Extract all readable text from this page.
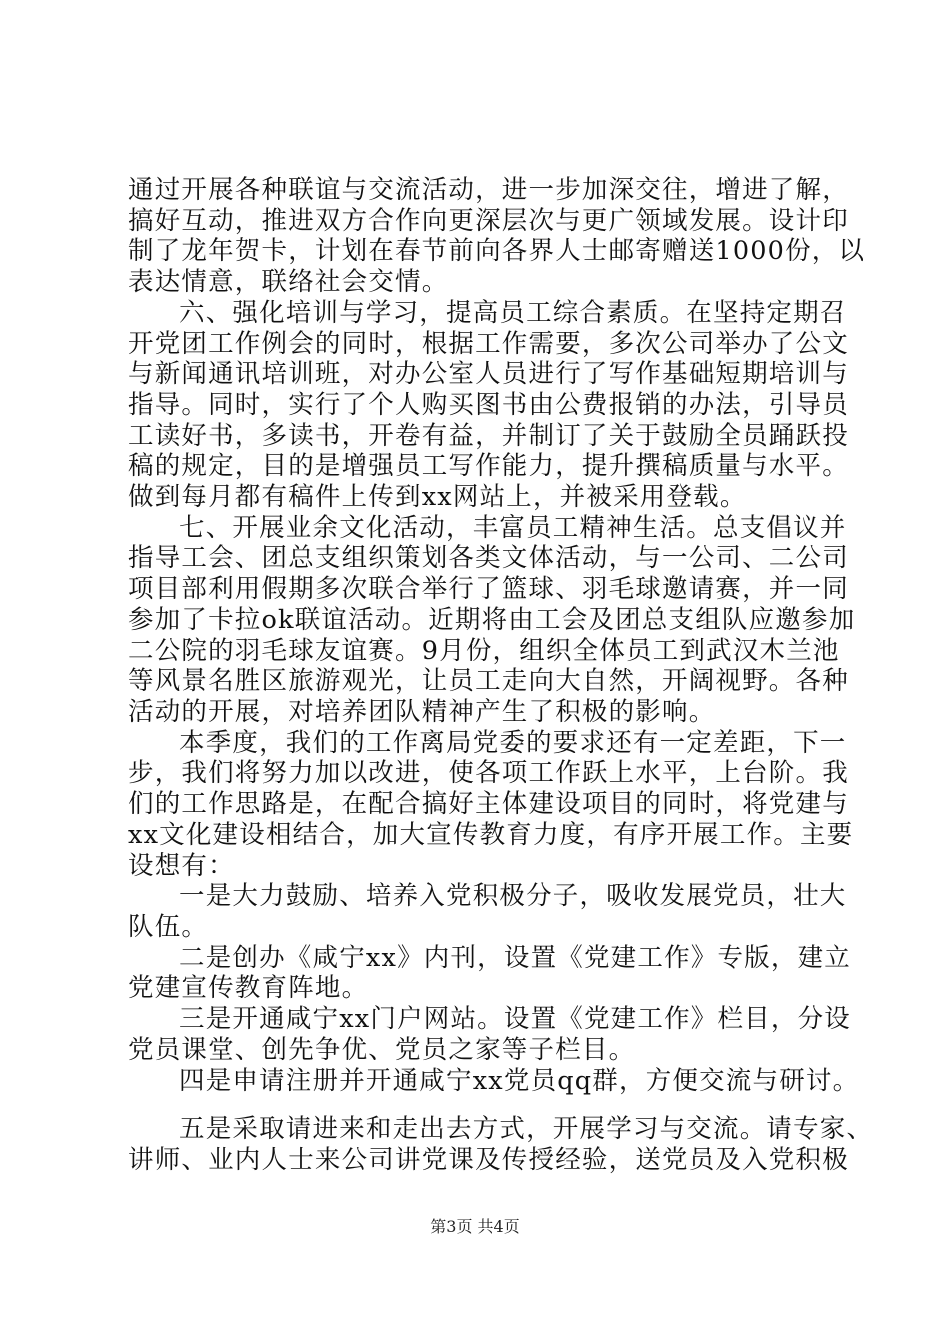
通过开展各种联谊与交流活动，进一步加深交往，增进了解，
搞好互动，推进双方合作向更深层次与更广领域发展。设计印
制了龙年贺卡，计划在春节前向各界人士邮寄赠送1000份，以
表达情意，联络社会交情。
六、强化培训与学习，提高员工综合素质。在坚持定期召
开党团工作例会的同时，根据工作需要，多次公司举办了公文
与新闻通讯培训班，对办公室人员进行了写作基础短期培训与
指导。同时，实行了个人购买图书由公费报销的办法，引导员
工读好书，多读书，开卷有益，并制订了关于鼓励全员踊跃投
稿的规定，目的是增强员工写作能力，提升撰稿质量与水平。
做到每月都有稿件上传到xx网站上，并被采用登载。
七、开展业余文化活动，丰富员工精神生活。总支倡议并
指导工会、团总支组织策划各类文体活动，与一公司、二公司
项目部利用假期多次联合举行了篮球、羽毛球邀请赛，并一同
参加了卡拉ok联谊活动。近期将由工会及团总支组队应邀参加
二公院的羽毛球友谊赛。9月份，组织全体员工到武汉木兰池
等风景名胜区旅游观光，让员工走向大自然，开阔视野。各种
活动的开展，对培养团队精神产生了积极的影响。
本季度，我们的工作离局党委的要求还有一定差距，下一
步，我们将努力加以改进，使各项工作跃上水平，上台阶。我
们的工作思路是，在配合搞好主体建设项目的同时，将党建与
xx文化建设相结合，加大宣传教育力度，有序开展工作。主要
设想有：
一是大力鼓励、培养入党积极分子，吸收发展党员，壮大
队伍。
二是创办《咸宁xx》内刊，设置《党建工作》专版，建立
党建宣传教育阵地。
三是开通咸宁xx门户网站。设置《党建工作》栏目，分设
党员课堂、创先争优、党员之家等子栏目。
四是申请注册并开通咸宁xx党员qq群，方便交流与研讨。
五是采取请进来和走出去方式，开展学习与交流。请专家、
讲师、业内人士来公司讲党课及传授经验，送党员及入党积极
第3页 共4页
